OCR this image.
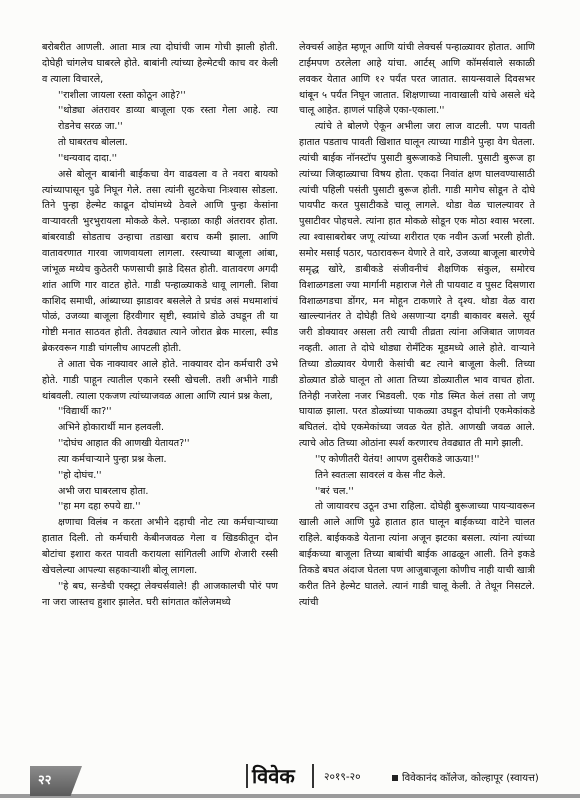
बरोबरीत आणली. आता मात्र त्या दोघांची जाम गोची झाली होती. दोघेही चांगलेच घाबरले होते. बाबांनी त्यांच्या हेल्मेटची काच वर केली व त्याला विचारले,

''राशीला जायला रस्ता कोठून आहे?''

''थोड्या अंतरावर डाव्या बाजूला एक रस्ता गेला आहे. त्या रोडनेच सरळ जा.''

तो घाबरतच बोलला.

''धन्यवाद दादा.''

असे बोलून बाबांनी बाईकचा वेग वाढवला व ते नवरा बायको त्यांच्यापासून पुढे निघून गेले. तसा त्यांनी सुटकेचा निःश्वास सोडला. तिने पुन्हा हेल्मेट काढून दोघांमध्ये ठेवले आणि पुन्हा केसांना वाऱ्यावरती भुरभुरायला मोकळे केले. पन्हाळा काही अंतरावर होता. बांबरवाडी सोडताच उन्हाचा तडाखा बराच कमी झाला. आणि वातावरणात गारवा जाणवायला लागला. रस्त्याच्या बाजूला आंबा, जांभूळ मध्येच कुठेतरी फणसाची झाडे दिसत होती. वातावरण अगदी शांत आणि गार वाटत होते. गाडी पन्हाळ्याकडे धावू लागली. शिवा काशिद समाधी, आंब्याच्या झाडावर बसलेले ते प्रचंड असं मधमाशांचं पोळं, उजव्या बाजूला हिरवीगार सृष्टी, स्वप्नांचे डोळे उघडून ती या गोष्टी मनात साठवत होती. तेवढ्यात त्याने जोरात ब्रेक मारला, स्पीड ब्रेकरवरून गाडी चांगलीच आपटली होती.

ते आता चेक नाक्यावर आले होते. नाक्यावर दोन कर्मचारी उभे होते. गाडी पाहून त्यातील एकाने रस्सी खेचली. तशी अभीने गाडी थांबवली. त्याला एकजण त्यांच्याजवळ आला आणि त्यानं प्रश्न केला,

''विद्यार्थी का?''

अभिने होकारार्थी मान हलवली.

''दोघंच आहात की आणखी येतायत?''

त्या कर्मचाऱ्याने पुन्हा प्रश्न केला.

''हो दोघंच.''

अभी जरा घाबरलाच होता.

''हा मग दहा रुपये द्या.''

क्षणाचा विलंब न करता अभीने दहाची नोट त्या कर्मचाऱ्याच्या हातात दिली. तो कर्मचारी केबीनजवळ गेला व खिडकीतून दोन बोटांचा इशारा करत पावती करायला सांगितली आणि शेजारी रस्सी खेचलेल्या आपल्या सहकाऱ्याशी बोलू लागला.

''हे बघ, सन्डेची एक्स्ट्रा लेक्चर्सवाले! ही आजकालची पोरं पण ना जरा जास्तच हुशार झालेत. घरी सांगतात कॉलेजमध्ये

लेक्चर्स आहेत म्हणून आणि यांची लेक्चर्स पन्हाळ्यावर होतात. आणि टाईमपण ठरलेला आहे यांचा. आर्टस् आणि कॉमर्सवाले सकाळी लवकर येतात आणि १२ पर्यंत परत जातात. सायन्सवाले दिवसभर थांबून ५ पर्यंत निघून जातात. शिक्षणाच्या नावाखाली यांचे असले धंदे चालू आहेत. हाणलं पाहिजे एका-एकाला.''

त्यांचे ते बोलणे ऐकून अभीला जरा लाज वाटली. पण पावती हातात पडताच पावती खिशात घालून त्याच्या गाडीने पुन्हा वेग घेतला. त्यांची बाईक नॉनस्टॉप पुसाटी बुरूजाकडे निघाली. पुसाटी बुरूज हा त्यांच्या जिव्हाळ्याचा विषय होता. एकदा निवांत क्षण घालवण्यासाठी त्यांची पहिली पसंती पुसाटी बुरूज होती. गाडी मागेच सोडून ते दोघे पायपीट करत पुसाटीकडे चालू लागले. थोडा वेळ चालल्यावर ते पुसाटीवर पोहचले. त्यांना हात मोकळे सोडून एक मोठा श्वास भरला. त्या श्वासाबरोबर जणू त्यांच्या शरीरात एक नवीन ऊर्जा भरली होती. समोर मसाई पठार, पठारावरून येणारे ते वारे, उजव्या बाजूला बारणेचे समृद्ध खोरे, डाबीकडे संजीवनीचं शैक्षणिक संकुल, समोरच विशाळगडला ज्या मार्गानी महाराज गेले ती पायवाट व पुसट दिसणारा विशाळगडचा डोंगर, मन मोहून टाकणारे ते दृश्य. थोडा वेळ वारा खाल्ल्यानंतर ते दोघेही तिथे असणाऱ्या दगडी बाकावर बसले. सूर्य जरी डोक्यावर असला तरी त्याची तीव्रता त्यांना अजिबात जाणवत नव्हती. आता ते दोघे थोड्या रोमँटिक मूडमध्ये आले होते. वाऱ्याने तिच्या डोळ्यावर येणारी केसांची बट त्याने बाजूला केली. तिच्या डोळ्यात डोळे घालून तो आता तिच्या डोळ्यातील भाव वाचत होता. तिनेही नजरेला नजर भिडवली. एक गोड स्मित केलं तसा तो जणू घायाळ झाला. परत डोळ्यांच्या पाकळ्या उघडून दोघांनी एकमेकांकडे बघितलं. दोघे एकमेकांच्या जवळ येत होते. आणखी जवळ आले. त्याचे ओठ तिच्या ओठांना स्पर्श करणारच तेवढ्यात ती मागे झाली.

''ए कोणीतरी येतंय! आपण दुसरीकडे जाऊया!''

तिने स्वतःला सावरलं व केस नीट केले.

''बरं चल.''

तो जायावरच उठून उभा राहिला. दोघेही बुरूजाच्या पायऱ्यावरून खाली आले आणि पुढे हातात हात घालून बाईकच्या वाटेने चालत राहिले. बाईककडे येताना त्यांना अजून झटका बसला. त्यांना त्यांच्या बाईकच्या बाजूला तिच्या बाबांची बाईक आढळून आली. तिने इकडे तिकडे बघत अंदाज घेतला पण आजुबाजूला कोणीच नाही याची खात्री करीत तिने हेल्मेट घातले. त्यानं गाडी चालू केली. ते तेथून निसटले. त्यांची

२२	विवेक	२०१९-२०	विवेकानंद कॉलेज, कोल्हापूर (स्वायत्त)
